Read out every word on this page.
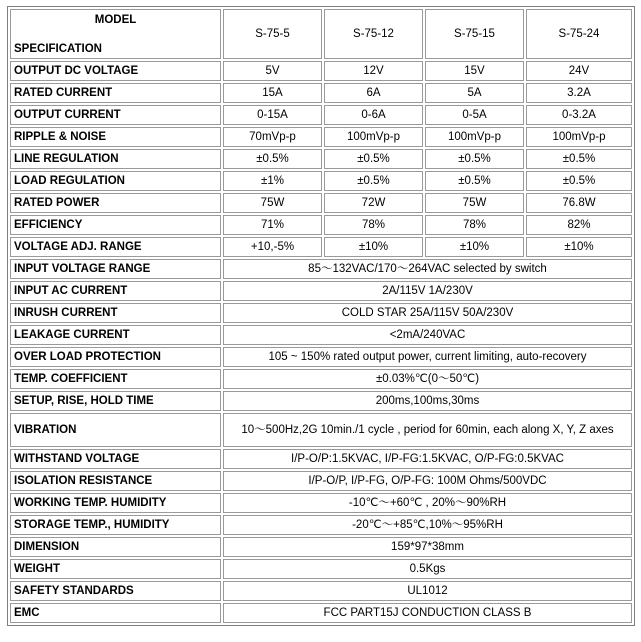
MODEL
SPECIFICATION	S-75-5	S-75-12	S-75-15	S-75-24
OUTPUT DC VOLTAGE	5V	12V	15V	24V
RATED CURRENT	15A	6A	5A	3.2A
OUTPUT CURRENT	0-15A	0-6A	0-5A	0-3.2A
RIPPLE & NOISE	70mVp-p	100mVp-p	100mVp-p	100mVp-p
LINE REGULATION	±0.5%	±0.5%	±0.5%	±0.5%
LOAD REGULATION	±1%	±0.5%	±0.5%	±0.5%
RATED POWER	75W	72W	75W	76.8W
EFFICIENCY	71%	78%	78%	82%
VOLTAGE ADJ. RANGE	+10,-5%	±10%	±10%	±10%
INPUT VOLTAGE RANGE	85～132VAC/170～264VAC selected by switch			
INPUT AC CURRENT	2A/115V 1A/230V			
INRUSH CURRENT	COLD STAR 25A/115V 50A/230V			
LEAKAGE CURRENT	<2mA/240VAC			
OVER LOAD PROTECTION	105 ~ 150% rated output power, current limiting, auto-recovery			
TEMP. COEFFICIENT	±0.03%℃(0～50℃)			
SETUP, RISE, HOLD TIME	200ms,100ms,30ms			
VIBRATION	10～500Hz,2G 10min./1 cycle , period for 60min, each along X, Y, Z axes			
WITHSTAND VOLTAGE	I/P-O/P:1.5KVAC, I/P-FG:1.5KVAC, O/P-FG:0.5KVAC			
ISOLATION RESISTANCE	I/P-O/P, I/P-FG, O/P-FG: 100M Ohms/500VDC			
WORKING TEMP. HUMIDITY	-10℃～+60℃ , 20%～90%RH			
STORAGE TEMP., HUMIDITY	-20℃～+85℃,10%～95%RH			
DIMENSION	159*97*38mm			
WEIGHT	0.5Kgs			
SAFETY STANDARDS	UL1012			
EMC	FCC PART15J CONDUCTION CLASS B			
